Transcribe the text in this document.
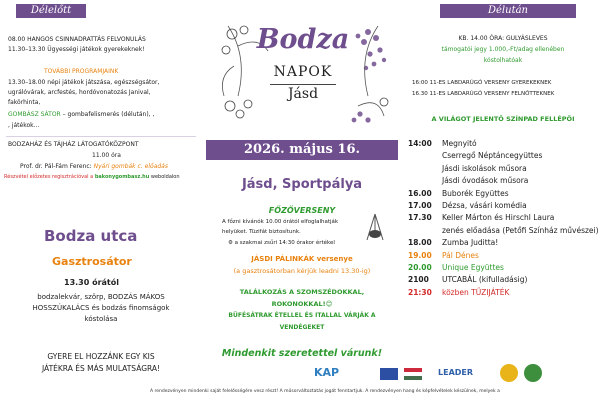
Délelőtt
08.00 HANGOS CSINNADRATTÁS FELVONULÁS
11.30–13.30 Ügyességi játékok gyerekeknek!
TOVÁBBI PROGRAMJAINK
13.30–18.00 népi játékok játszása, egészségsátor,
ugrálóvárak, arcfestés, hordóvonatozás Janival,
fakörhinta,
GOMBÁSZ SÁTOR – gombafelismerés (délután), ,
, játékok…
BODZAHÁZ ÉS TÁJHÁZ LÁTOGATÓKÖZPONT
11.00 óra
Prof. dr. Pál-Fám Ferenc: Nyári gombák c. előadás
Részvétel előzetes regisztrációval a bakonygombasz.hu weboldalon
Bodza utca
Gasztrosátor
13.30 órától
bodzalekvár, szörp, BODZÁS MÁKOS
HOSSZÚKALÁCS és bodzás finomságok
kóstolása
GYERE EL HOZZÁNK EGY KIS
JÁTÉKRA ÉS MÁS MULATSÁGRA!
Bodza
NAPOK
Jásd
2026. május 16.
Jásd, Sportpálya
FŐZŐVERSENY
A főzni kívánók 10.00 órától elfoglalhatják
helyüket. Tüzifát biztosítunk.
⚙ a szakmai zsűri 14:30 órakor értékel
JÁSDI PÁLINKÁK versenye
(a gasztrosátorban kérjük leadni 13.30-ig)
TALÁLKOZÁS A SZOMSZÉDOKKAL,
ROKONOKKAL!😊
BÜFÉSÁTRAK ÉTELLEL ÉS ITALLAL VÁRJÁK A
VENDÉGEKET
Mindenkit szeretettel várunk!
Délután
KB. 14.00 ÓRA: GULYÁSLEVES
támogatói jegy 1.000,-Ft/adag ellenében
kóstolhatóak
16:00 11-ES LABDARÚGÓ VERSENY GYEREKEKNEK
16.30 11-ES LABDARÚGÓ VERSENY FELNŐTTEKNEK
A VILÁGOT JELENTŐ SZÍNPAD FELLÉPŐI
14:00 Megnyitó
Cserregő Néptáncegyüttes
Jásdi iskolások műsora
Jásdi óvodások műsora
16.00 Buborék Együttes
17.00 Dézsa, vásári komédia
17.30 Keller Márton és Hirschl Laura
zenés előadása (Petőfi Színház művészei)
18.00 Zumba Juditta!
19.00 Pál Dénes
20.00 Unique Együttes
2100 UTCABÁL (kifulladásig)
21:30 közben TŰZIJÁTÉK
KAP	LEADER
A rendezvényen mindenki saját felelősségére vesz részt! A műsorváltoztatás jogát fenntartjuk. A rendezvényen hang és képfelvételek készülnek, melyek a
